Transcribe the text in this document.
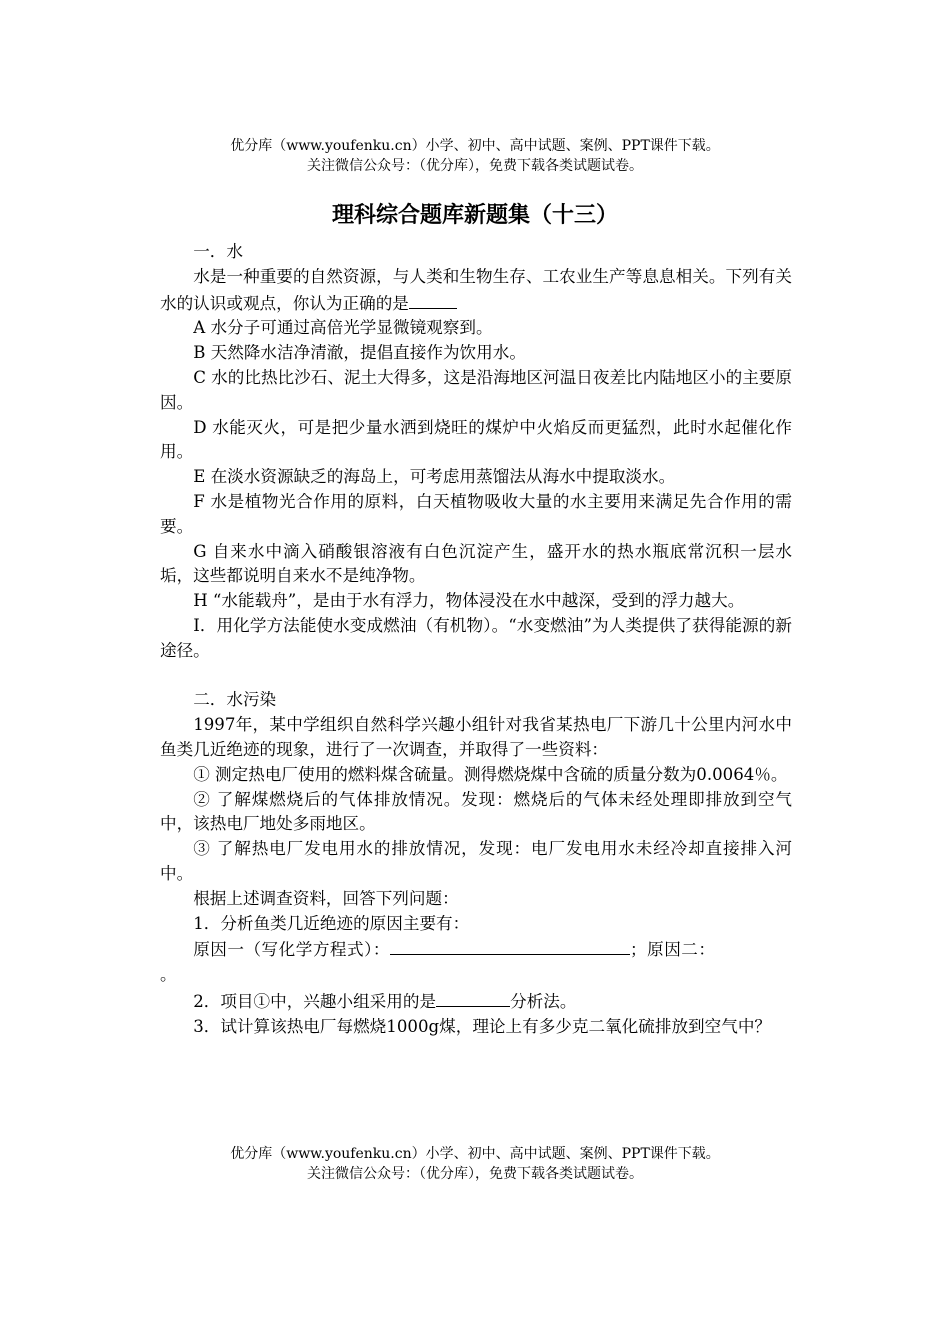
优分库（www.youfenku.cn）小学、初中、高中试题、案例、PPT课件下载。
关注微信公众号：（优分库），免费下载各类试题试卷。
理科综合题库新题集（十三）

一．水

水是一种重要的自然资源，与人类和生物生存、工农业生产等息息相关。下列有关水的认识或观点，你认为正确的是

A 水分子可通过高倍光学显微镜观察到。

B 天然降水洁净清澈，提倡直接作为饮用水。

C 水的比热比沙石、泥土大得多，这是沿海地区河温日夜差比内陆地区小的主要原因。

D 水能灭火，可是把少量水洒到烧旺的煤炉中火焰反而更猛烈，此时水起催化作用。

E 在淡水资源缺乏的海岛上，可考虑用蒸馏法从海水中提取淡水。

F 水是植物光合作用的原料，白天植物吸收大量的水主要用来满足先合作用的需要。

G 自来水中滴入硝酸银溶液有白色沉淀产生，盛开水的热水瓶底常沉积一层水垢，这些都说明自来水不是纯净物。

H “水能载舟”，是由于水有浮力，物体浸没在水中越深，受到的浮力越大。

I．用化学方法能使水变成燃油（有机物）。“水变燃油”为人类提供了获得能源的新途径。

二．水污染

1997年，某中学组织自然科学兴趣小组针对我省某热电厂下游几十公里内河水中鱼类几近绝迹的现象，进行了一次调查，并取得了一些资料：

① 测定热电厂使用的燃料煤含硫量。测得燃烧煤中含硫的质量分数为0.0064％。

② 了解煤燃烧后的气体排放情况。发现：燃烧后的气体未经处理即排放到空气中，该热电厂地处多雨地区。

③ 了解热电厂发电用水的排放情况，发现：电厂发电用水未经冷却直接排入河中。

根据上述调查资料，回答下列问题：

1．分析鱼类几近绝迹的原因主要有：

原因一（写化学方程式）：	；原因二：

。

2．项目①中，兴趣小组采用的是	分析法。

3．试计算该热电厂每燃烧1000g煤，理论上有多少克二氧化硫排放到空气中？

优分库（www.youfenku.cn）小学、初中、高中试题、案例、PPT课件下载。
关注微信公众号：（优分库），免费下载各类试题试卷。
